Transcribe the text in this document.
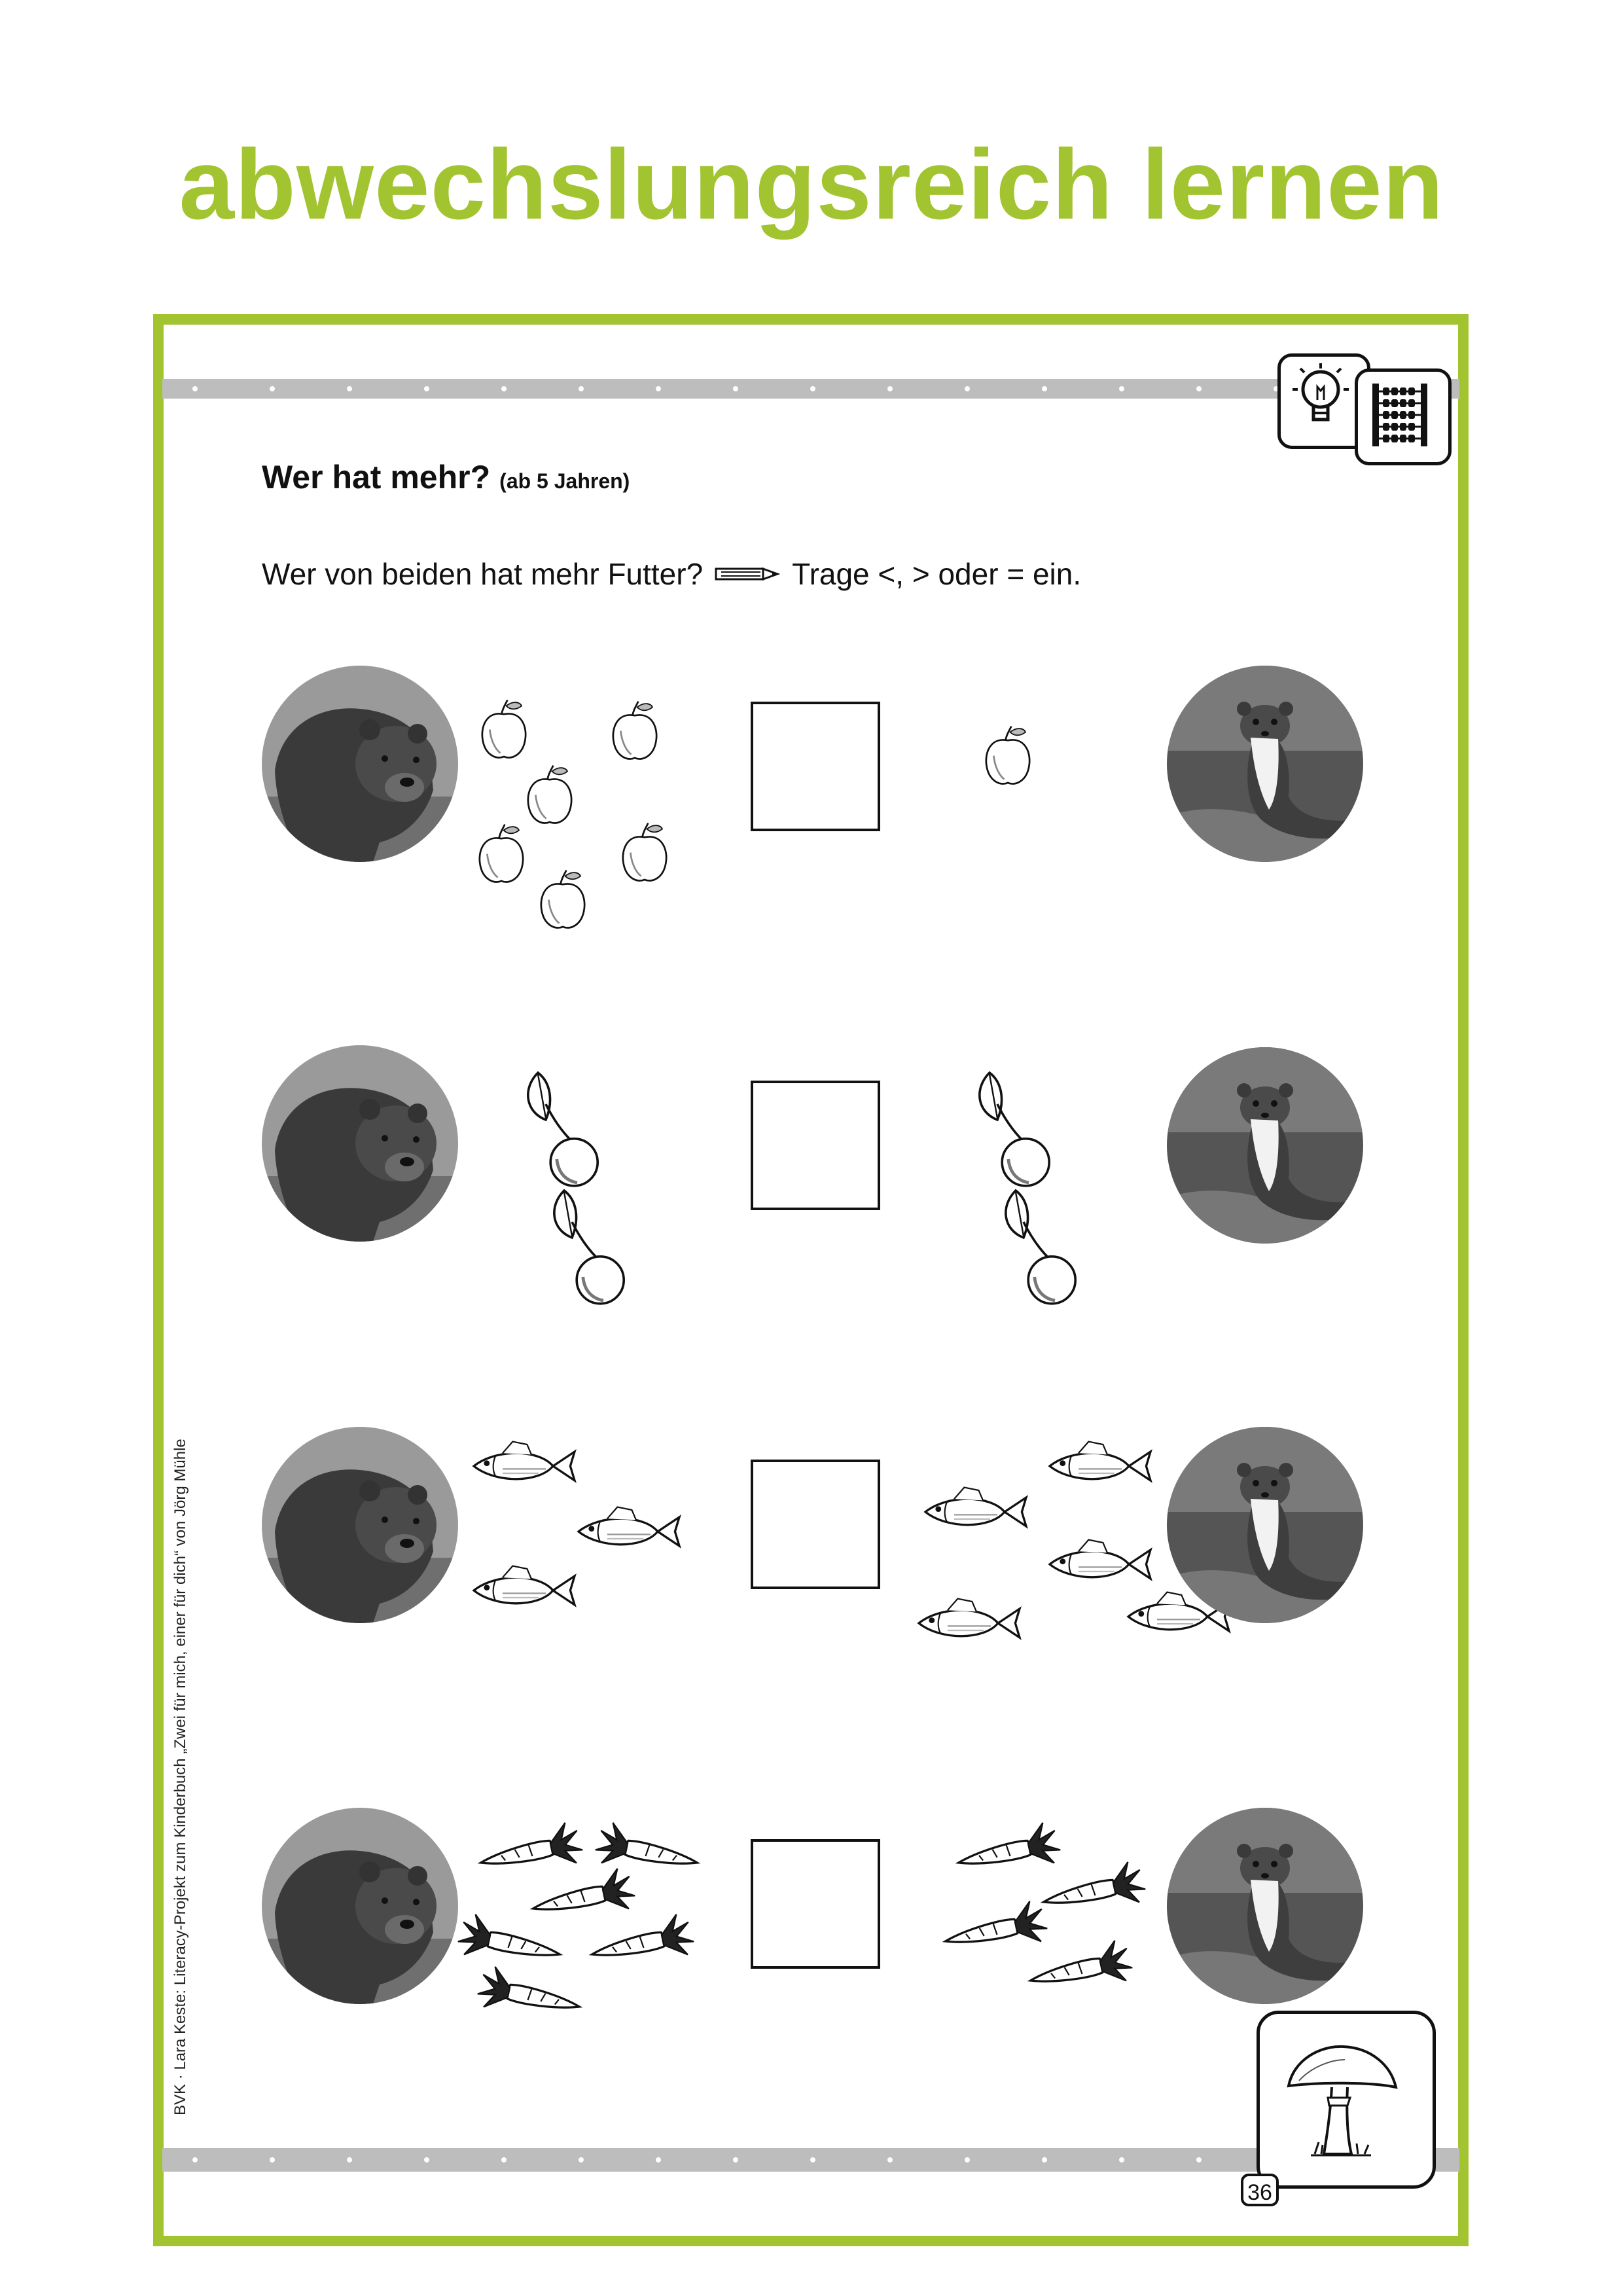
abwechslungsreich lernen

Wer hat mehr? (ab 5 Jahren)

Wer von beiden hat mehr Futter?	Trage <, > oder = ein.

36

BVK · Lara Keste: Literacy-Projekt zum Kinderbuch „Zwei für mich, einer für dich“ von Jörg Mühle
